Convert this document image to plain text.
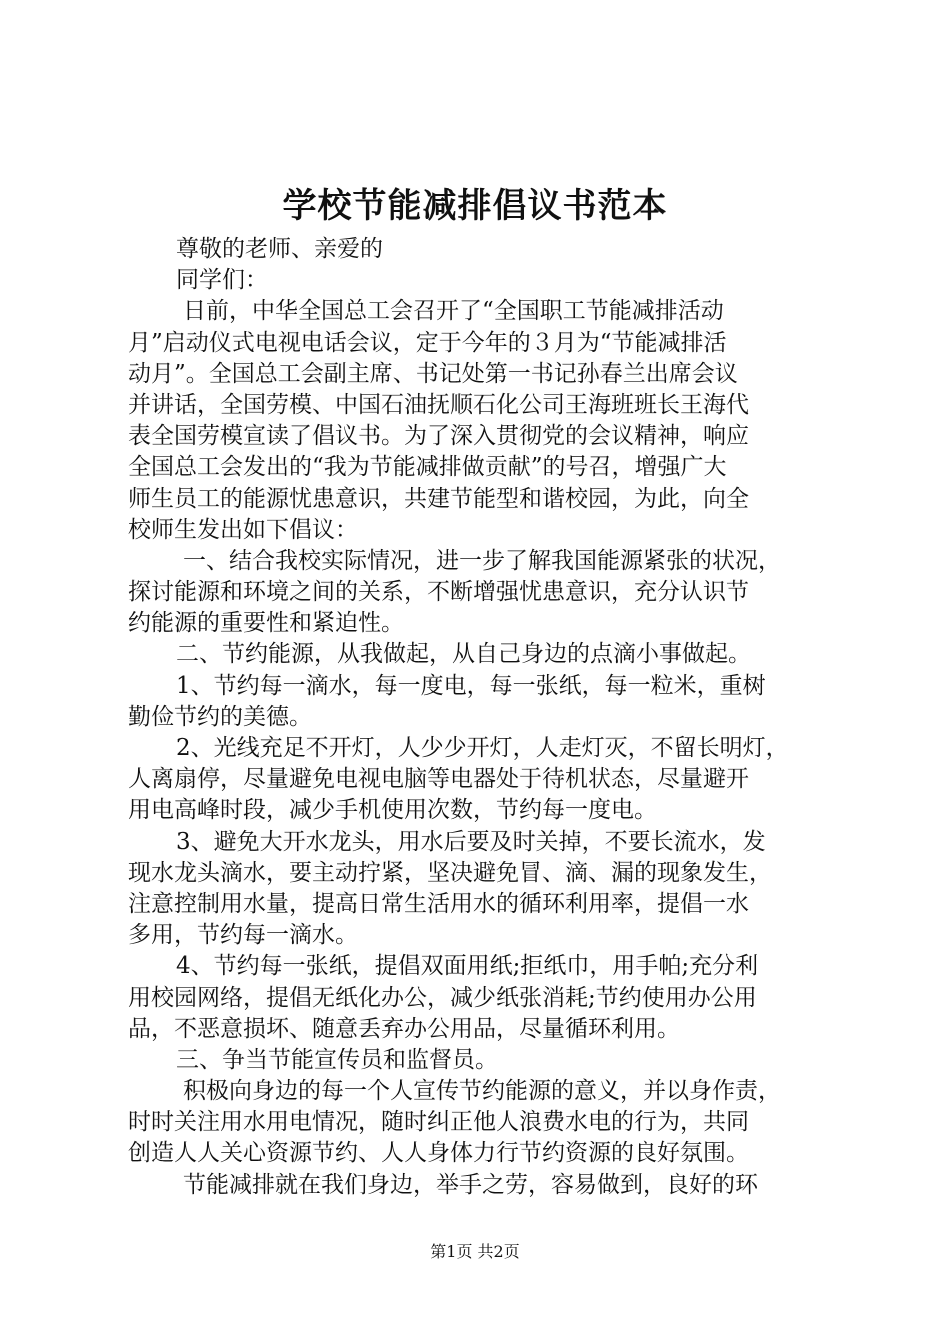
学校节能减排倡议书范本
尊敬的老师、亲爱的
同学们：
日前，中华全国总工会召开了“全国职工节能减排活动
月”启动仪式电视电话会议，定于今年的３月为“节能减排活
动月”。全国总工会副主席、书记处第一书记孙春兰出席会议
并讲话，全国劳模、中国石油抚顺石化公司王海班班长王海代
表全国劳模宣读了倡议书。为了深入贯彻党的会议精神，响应
全国总工会发出的“我为节能减排做贡献”的号召，增强广大
师生员工的能源忧患意识，共建节能型和谐校园，为此，向全
校师生发出如下倡议：
一、结合我校实际情况，进一步了解我国能源紧张的状况，
探讨能源和环境之间的关系，不断增强忧患意识，充分认识节
约能源的重要性和紧迫性。
二、节约能源，从我做起，从自己身边的点滴小事做起。
1、节约每一滴水，每一度电，每一张纸，每一粒米，重树
勤俭节约的美德。
2、光线充足不开灯，人少少开灯，人走灯灭，不留长明灯，
人离扇停，尽量避免电视电脑等电器处于待机状态，尽量避开
用电高峰时段，减少手机使用次数，节约每一度电。
3、避免大开水龙头，用水后要及时关掉，不要长流水，发
现水龙头滴水，要主动拧紧，坚决避免冒、滴、漏的现象发生，
注意控制用水量，提高日常生活用水的循环利用率，提倡一水
多用，节约每一滴水。
4、节约每一张纸，提倡双面用纸;拒纸巾，用手帕;充分利
用校园网络，提倡无纸化办公，减少纸张消耗;节约使用办公用
品，不恶意损坏、随意丢弃办公用品，尽量循环利用。
三、争当节能宣传员和监督员。
积极向身边的每一个人宣传节约能源的意义，并以身作责，
时时关注用水用电情况，随时纠正他人浪费水电的行为，共同
创造人人关心资源节约、人人身体力行节约资源的良好氛围。
节能减排就在我们身边，举手之劳，容易做到，良好的环
第1页 共2页
